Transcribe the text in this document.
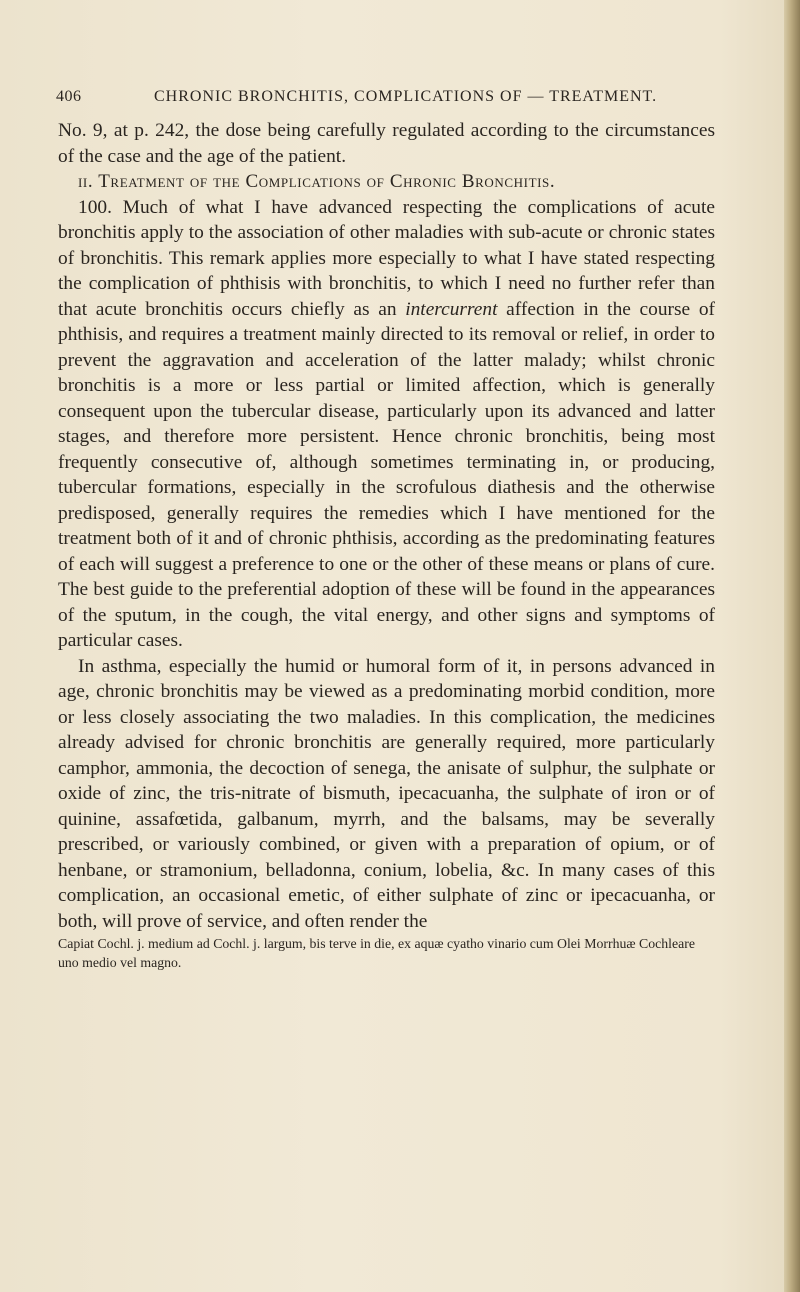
406	CHRONIC BRONCHITIS, COMPLICATIONS OF — TREATMENT.

No. 9, at p. 242, the dose being carefully regulated according to the circumstances of the case and the age of the patient.

ii. Treatment of the Complications of Chronic Bronchitis.

100. Much of what I have advanced respecting the complications of acute bronchitis apply to the association of other maladies with sub-acute or chronic states of bronchitis. This remark applies more especially to what I have stated respecting the complication of phthisis with bronchitis, to which I need no further refer than that acute bronchitis occurs chiefly as an intercurrent affection in the course of phthisis, and requires a treatment mainly directed to its removal or relief, in order to prevent the aggravation and acceleration of the latter malady; whilst chronic bronchitis is a more or less partial or limited affection, which is generally consequent upon the tubercular disease, particularly upon its advanced and latter stages, and therefore more persistent. Hence chronic bronchitis, being most frequently consecutive of, although sometimes terminating in, or producing, tubercular formations, especially in the scrofulous diathesis and the otherwise predisposed, generally requires the remedies which I have mentioned for the treatment both of it and of chronic phthisis, according as the predominating features of each will suggest a preference to one or the other of these means or plans of cure. The best guide to the preferential adoption of these will be found in the appearances of the sputum, in the cough, the vital energy, and other signs and symptoms of particular cases.

In asthma, especially the humid or humoral form of it, in persons advanced in age, chronic bronchitis may be viewed as a predominating morbid condition, more or less closely associating the two maladies. In this complication, the medicines already advised for chronic bronchitis are generally required, more particularly camphor, ammonia, the decoction of senega, the anisate of sulphur, the sulphate or oxide of zinc, the tris-nitrate of bismuth, ipecacuanha, the sulphate of iron or of quinine, assafœtida, galbanum, myrrh, and the balsams, may be severally prescribed, or variously combined, or given with a preparation of opium, or of henbane, or stramonium, belladonna, conium, lobelia, &c. In many cases of this complication, an occasional emetic, of either sulphate of zinc or ipecacuanha, or both, will prove of service, and often render the

Capiat Cochl. j. medium ad Cochl. j. largum, bis terve in die, ex aquæ cyatho vinario cum Olei Morrhuæ Cochleare uno medio vel magno.
